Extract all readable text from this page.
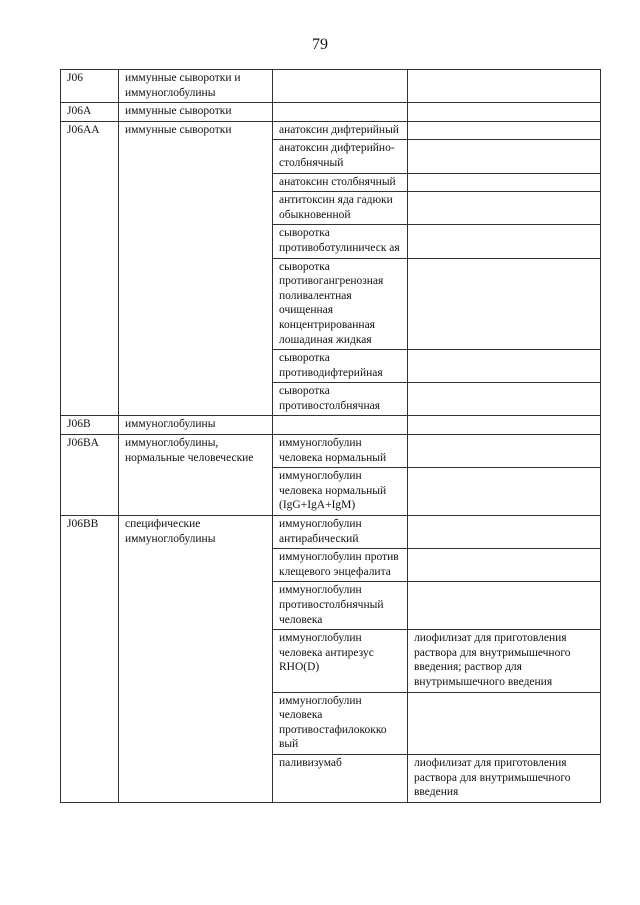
79
J06	иммунные сыворотки и иммуноглобулины		
J06A	иммунные сыворотки		
J06AA	иммунные сыворотки	анатоксин дифтерийный	
		анатоксин дифтерийно-столбнячный	
		анатоксин столбнячный	
		антитоксин яда гадюки обыкновенной	
		сыворотка противоботулиническ ая	
		сыворотка противогангренозная поливалентная очищенная концентрированная лошадиная жидкая	
		сыворотка противодифтерийная	
		сыворотка противостолбнячная	
J06B	иммуноглобулины		
J06BA	иммуноглобулины, нормальные человеческие	иммуноглобулин человека нормальный	
		иммуноглобулин человека нормальный (IgG+IgA+IgM)	
J06BB	специфические иммуноглобулины	иммуноглобулин антирабический	
		иммуноглобулин против клещевого энцефалита	
		иммуноглобулин противостолбнячный человека	
		иммуноглобулин человека антирезус RHO(D)	лиофилизат для приготовления раствора для внутримышечного введения; раствор для внутримышечного введения
		иммуноглобулин человека противостафилококко вый	
		паливизумаб	лиофилизат для приготовления раствора для внутримышечного введения
